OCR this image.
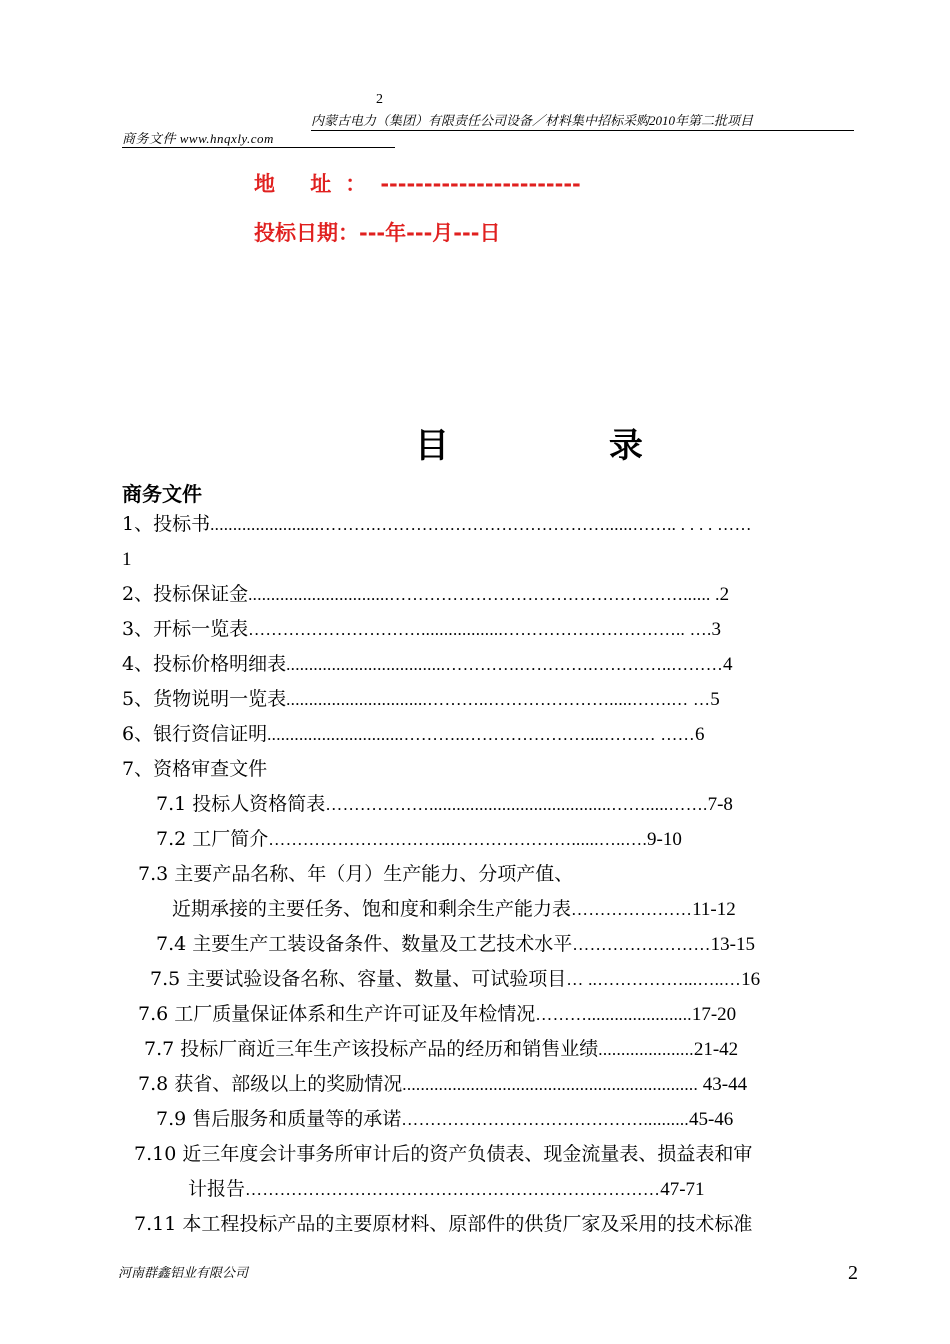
2
内蒙古电力（集团）有限责任公司设备／材料集中招标采购2010年第二批项目
商务文件 www.hnqxly.com
地 址：-----------------------
投标日期：---年---月---日
目 录
商务文件
1、投标书........................……….………….………………………......…….. . . . . ……
1
2、投标保证金...............................……………………………………………...... .2
3、开标一览表…………………………..................………………………….. ….3
4、投标价格明细表...................................………….………….…………..………4
5、货物说明一览表...............................………..………………….....…….… …5
6、银行资信证明..............................………..…………………....……… ……6
7、资格审查文件
7.1 投标人资格简表………………........................................…….....…….7-8
7.2 工厂简介…………………………..…………………......…..….9-10
7.3 主要产品名称、年（月）生产能力、分项产值、
近期承接的主要任务、饱和度和剩余生产能力表…………………11-12
7.4 主要生产工装设备条件、数量及工艺技术水平……………………13-15
7.5 主要试验设备名称、容量、数量、可试验项目… ..……………...…..…16
7.6 工厂质量保证体系和生产许可证及年检情况……….......................17-20
7.7 投标厂商近三年生产该投标产品的经历和销售业绩.....................21-42
7.8 获省、部级以上的奖励情况................................................................. 43-44
7.9 售后服务和质量等的承诺……………………………………..........45-46
7.10 近三年度会计事务所审计后的资产负债表、现金流量表、损益表和审
计报告………………………………………………………………47-71
7.11 本工程投标产品的主要原材料、原部件的供货厂家及采用的技术标准
河南群鑫铝业有限公司	2
